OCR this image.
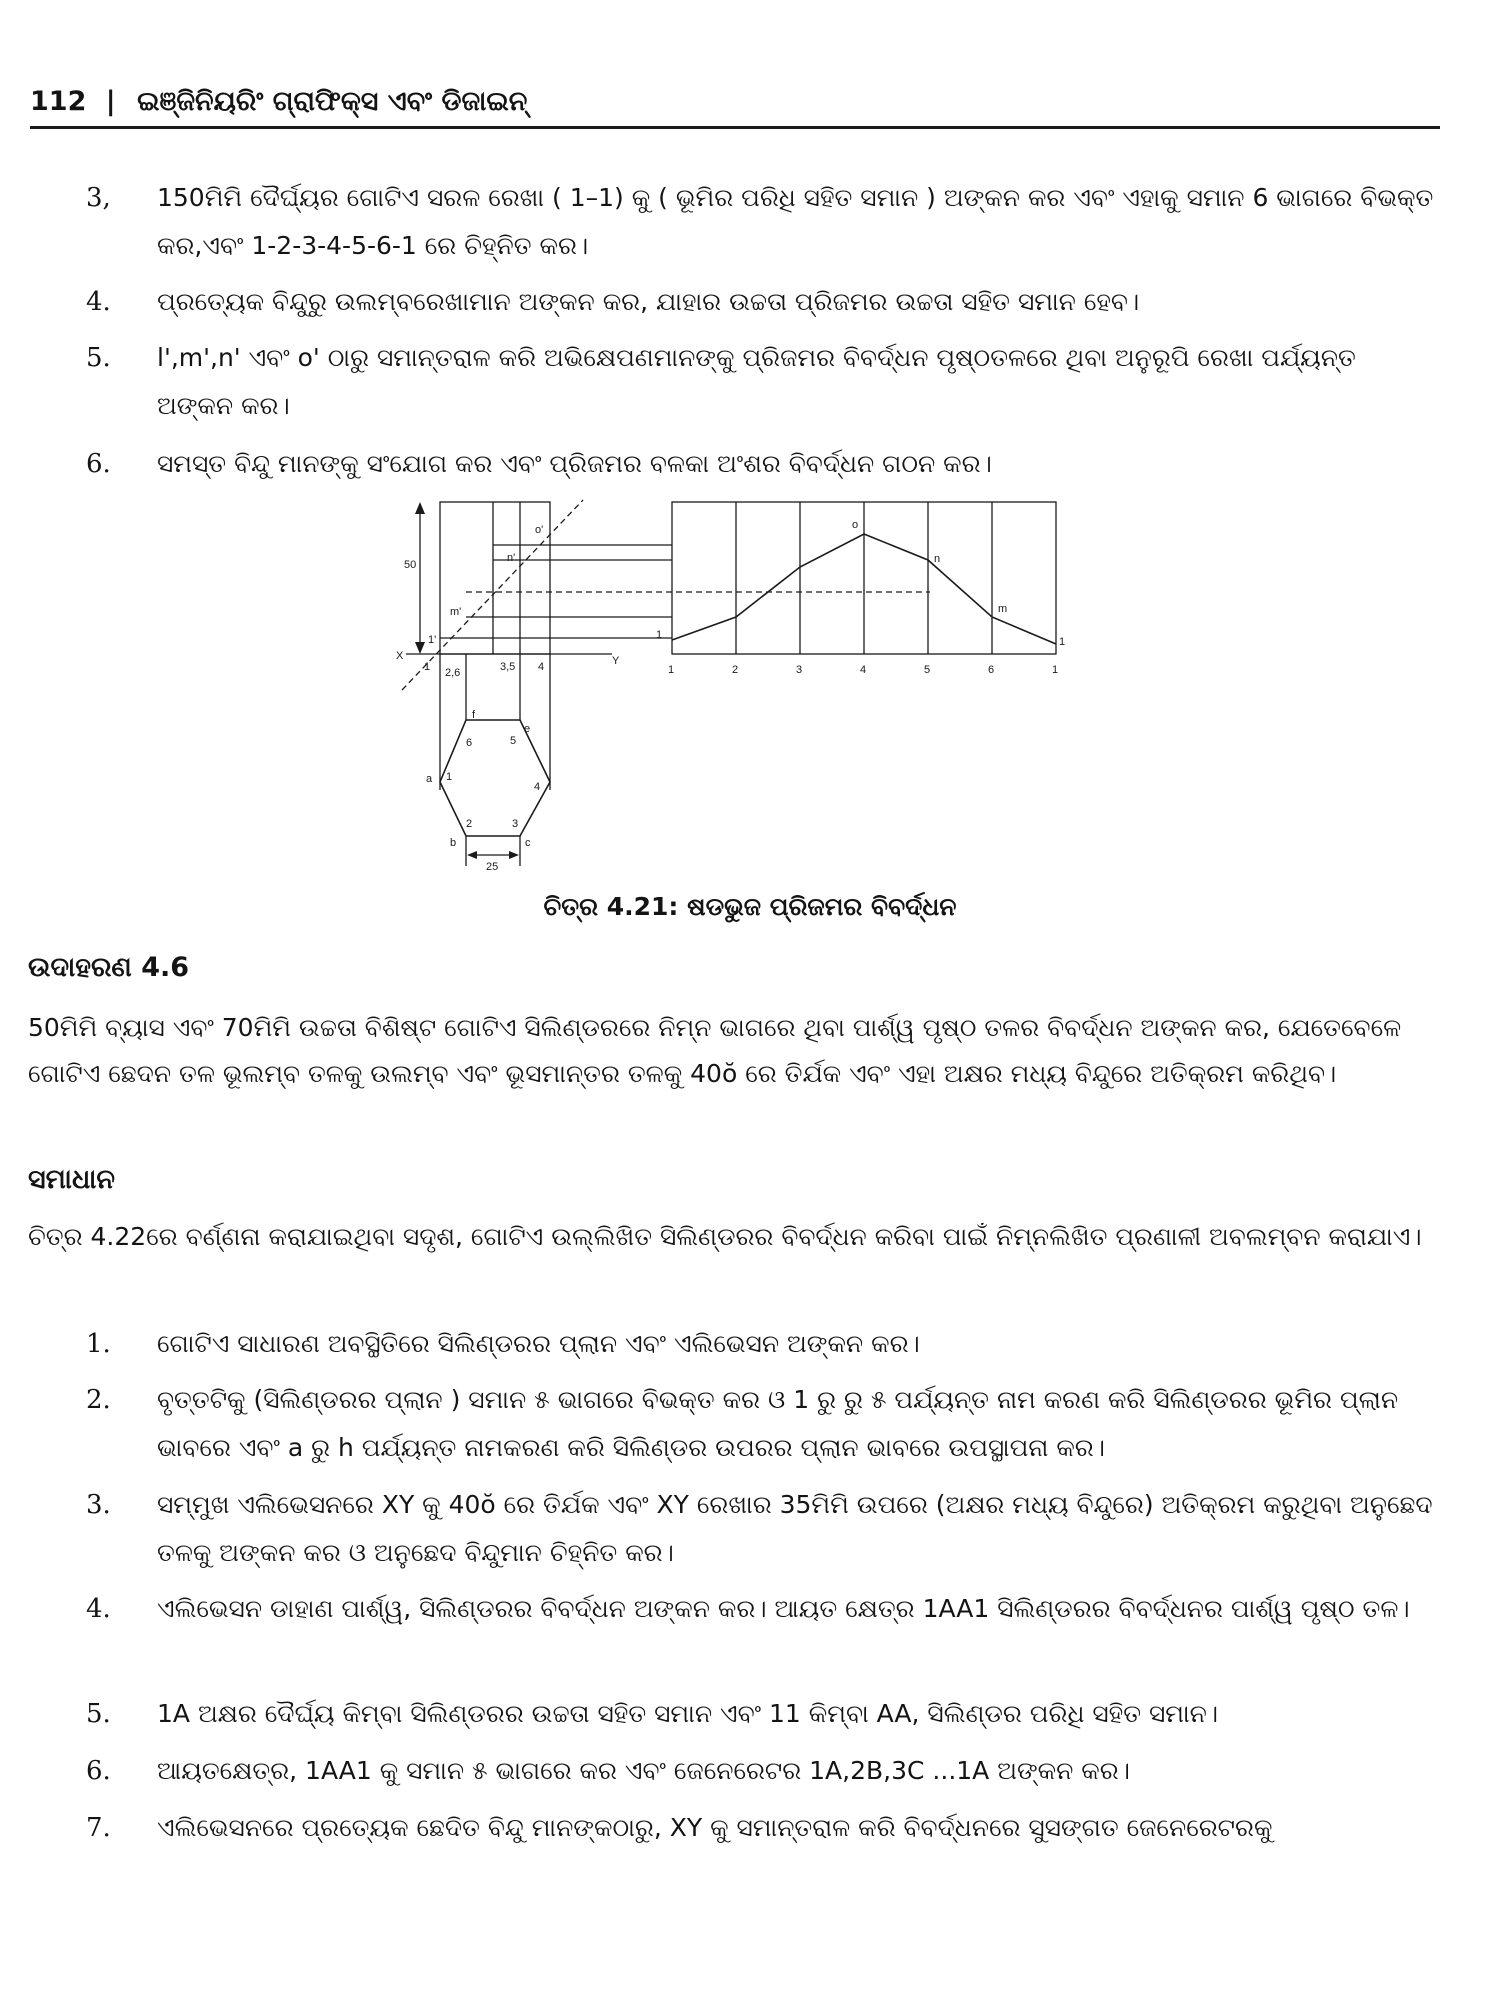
112 | ଇଞ୍ଜିନିୟରିଂ ଗ୍ରାଫିକ୍ସ ଏବଂ ଡିଜାଇନ୍
3, 150ମିମି ଦୈର୍ଘ୍ୟର ଗୋଟିଏ ସରଳ ରେଖା ( 1–1) କୁ ( ଭୂମିର ପରିଧି ସହିତ ସମାନ ) ଅଙ୍କନ କର ଏବଂ ଏହାକୁ ସମାନ 6 ଭାଗରେ ବିଭକ୍ତ କର,ଏବଂ 1-2-3-4-5-6-1 ରେ ଚିହ୍ନିତ କର।
4. ପ୍ରତ୍ୟେକ ବିନ୍ଦୁରୁ ଉଲମ୍ବରେଖାମାନ ଅଙ୍କନ କର, ଯାହାର ଉଚ୍ଚତା ପ୍ରିଜମର ଉଚ୍ଚତା ସହିତ ସମାନ ହେବ।
5. l',m',n' ଏବଂ o' ଠାରୁ ସମାନ୍ତରାଳ କରି ଅଭିକ୍ଷେପଣମାନଙ୍କୁ ପ୍ରିଜମର ବିବର୍ଦ୍ଧନ ପୃଷ୍ଠତଳରେ ଥିବା ଅନୁରୂପି ରେଖା ପର୍ଯ୍ୟନ୍ତ ଅଙ୍କନ କର।
6. ସମସ୍ତ ବିନ୍ଦୁ ମାନଙ୍କୁ ସଂଯୋଗ କର ଏବଂ ପ୍ରିଜମର ବଳକା ଅଂଶର ବିବର୍ଦ୍ଧନ ଗଠନ କର।
50
X	Y
o'
n'
m'
1'
1 2,6	3,5 4
1
2	3
4
5
6
a
b	c
e
f
25
o
n
m
1
1
1	2	3	4	5	6	1
ଚିତ୍ର 4.21: ଷଡଭୁଜ ପ୍ରିଜମର ବିବର୍ଦ୍ଧନ
ଉଦାହରଣ 4.6
50ମିମି ବ୍ୟାସ ଏବଂ 70ମିମି ଉଚ୍ଚତା ବିଶିଷ୍ଟ ଗୋଟିଏ ସିଲିଣ୍ଡରରେ ନିମ୍ନ ଭାଗରେ ଥିବା ପାର୍ଶ୍ୱ ପୃଷ୍ଠ ତଳର ବିବର୍ଦ୍ଧନ ଅଙ୍କନ କର, ଯେତେବେଳେ ଗୋଟିଏ ଛେଦନ ତଳ ଭୂଲମ୍ବ ତଳକୁ ଉଲମ୍ବ ଏବଂ ଭୂସମାନ୍ତର ତଳକୁ 40ŏ ରେ ତିର୍ଯକ ଏବଂ ଏହା ଅକ୍ଷର ମଧ୍ୟ ବିନ୍ଦୁରେ ଅତିକ୍ରମ କରିଥିବ।
ସମାଧାନ
ଚିତ୍ର 4.22ରେ ବର୍ଣ୍ଣନା କରାଯାଇଥିବା ସଦୃଶ, ଗୋଟିଏ ଉଲ୍ଲିଖିତ ସିଲିଣ୍ଡରର ବିବର୍ଦ୍ଧନ କରିବା ପାଇଁ ନିମ୍ନଲିଖିତ ପ୍ରଣାଳୀ ଅବଲମ୍ବନ କରାଯାଏ।
1. ଗୋଟିଏ ସାଧାରଣ ଅବସ୍ଥିତିରେ ସିଲିଣ୍ଡରର ପ୍ଲାନ ଏବଂ ଏଲିଭେସନ ଅଙ୍କନ କର।
2. ବୃତ୍ତଟିକୁ (ସିଲିଣ୍ଡରର ପ୍ଲାନ ) ସମାନ ୫ ଭାଗରେ ବିଭକ୍ତ କର ଓ 1 ରୁ ରୁ ୫ ପର୍ଯ୍ୟନ୍ତ ନାମ କରଣ କରି ସିଲିଣ୍ଡରର ଭୂମିର ପ୍ଲାନ ଭାବରେ ଏବଂ a ରୁ h ପର୍ଯ୍ୟନ୍ତ ନାମକରଣ କରି ସିଲିଣ୍ଡର ଉପରର ପ୍ଲାନ ଭାବରେ ଉପସ୍ଥାପନା କର।
3. ସମ୍ମୁଖ ଏଲିଭେସନରେ XY କୁ 40ŏ ରେ ତିର୍ଯକ ଏବଂ XY ରେଖାର 35ମିମି ଉପରେ (ଅକ୍ଷର ମଧ୍ୟ ବିନ୍ଦୁରେ) ଅତିକ୍ରମ କରୁଥିବା ଅନୁଛେଦ ତଳକୁ ଅଙ୍କନ କର ଓ ଅନୁଛେଦ ବିନ୍ଦୁମାନ ଚିହ୍ନିତ କର।
4. ଏଲିଭେସନ ଡାହାଣ ପାର୍ଶ୍ୱ, ସିଲିଣ୍ଡରର ବିବର୍ଦ୍ଧନ ଅଙ୍କନ କର। ଆୟତ କ୍ଷେତ୍ର 1AA1 ସିଲିଣ୍ଡରର ବିବର୍ଦ୍ଧନର ପାର୍ଶ୍ୱ ପୃଷ୍ଠ ତଳ।
5. 1A ଅକ୍ଷର ଦୈର୍ଘ୍ୟ କିମ୍ବା ସିଲିଣ୍ଡରର ଉଚ୍ଚତା ସହିତ ସମାନ ଏବଂ 11 କିମ୍ବା AA, ସିଲିଣ୍ଡର ପରିଧି ସହିତ ସମାନ।
6. ଆୟତକ୍ଷେତ୍ର, 1AA1 କୁ ସମାନ ୫ ଭାଗରେ କର ଏବଂ ଜେନେରେଟର 1A,2B,3C ...1A ଅଙ୍କନ କର।
7. ଏଲିଭେସନରେ ପ୍ରତ୍ୟେକ ଛେଦିତ ବିନ୍ଦୁ ମାନଙ୍କଠାରୁ, XY କୁ ସମାନ୍ତରାଳ କରି ବିବର୍ଦ୍ଧନରେ ସୁସଙ୍ଗତ ଜେନେରେଟରକୁ
